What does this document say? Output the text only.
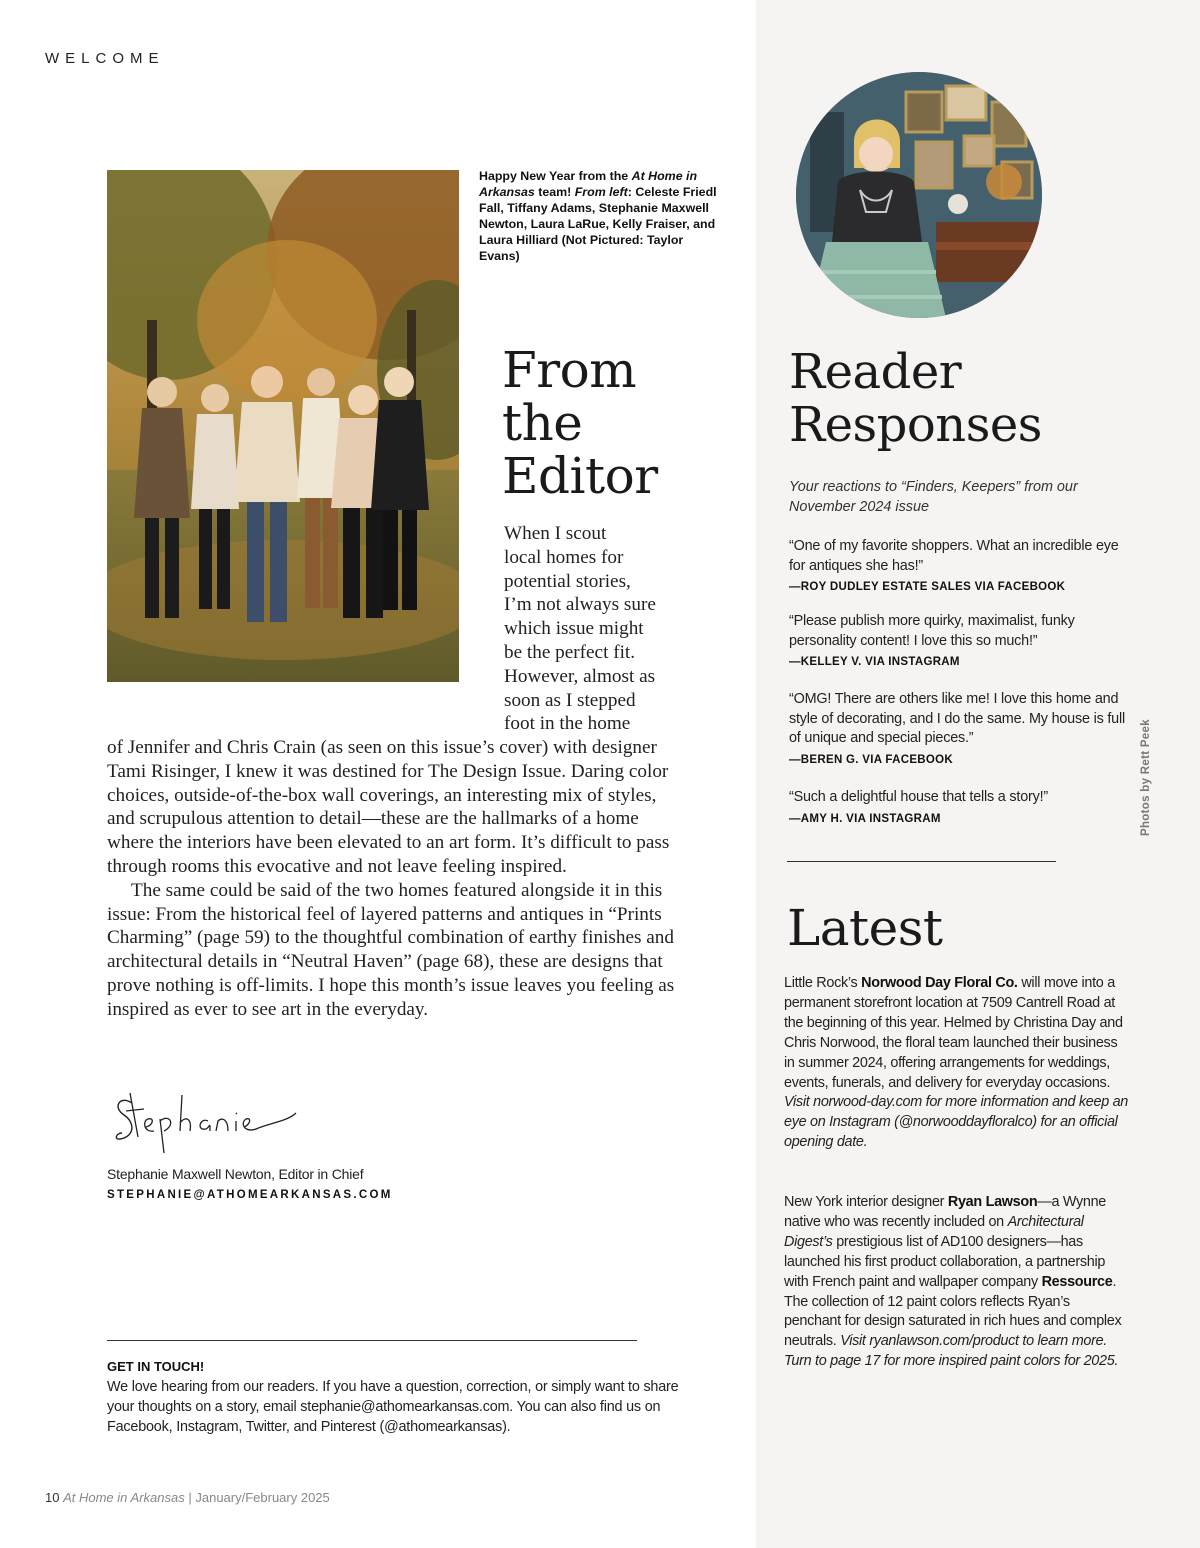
WELCOME
Happy New Year from the At Home in Arkansas team! From left: Celeste Friedl Fall, Tiffany Adams, Stephanie Maxwell Newton, Laura LaRue, Kelly Fraiser, and Laura Hilliard (Not Pictured: Taylor Evans)
From
the
Editor
When I scout
local homes for
potential stories,
I’m not always sure
which issue might
be the perfect fit.
However, almost as
soon as I stepped
foot in the home

of Jennifer and Chris Crain (as seen on this issue’s cover) with designer Tami Risinger, I knew it was destined for The Design Issue. Daring color choices, outside-of-the-box wall coverings, an interesting mix of styles, and scrupulous attention to detail—these are the hallmarks of a home where the interiors have been elevated to an art form. It’s difficult to pass through rooms this evocative and not leave feeling inspired.

The same could be said of the two homes featured alongside it in this issue: From the historical feel of layered patterns and antiques in “Prints Charming” (page 59) to the thoughtful combination of earthy finishes and architectural details in “Neutral Haven” (page 68), these are designs that prove nothing is off-limits. I hope this month’s issue leaves you feeling as inspired as ever to see art in the everyday.

Stephanie Maxwell Newton, Editor in Chief
STEPHANIE@ATHOMEARKANSAS.COM
GET IN TOUCH!
We love hearing from our readers. If you have a question, correction, or simply want to share your thoughts on a story, email stephanie@athomearkansas.com. You can also find us on Facebook, Instagram, Twitter, and Pinterest (@athomearkansas).
10 At Home in Arkansas | January/February 2025
Reader
Responses
Your reactions to “Finders, Keepers” from our November 2024 issue
“One of my favorite shoppers. What an incredible eye for antiques she has!”
—ROY DUDLEY ESTATE SALES VIA FACEBOOK
“Please publish more quirky, maximalist, funky personality content! I love this so much!”
—KELLEY V. VIA INSTAGRAM
“OMG! There are others like me! I love this home and style of decorating, and I do the same. My house is full of unique and special pieces.”
—BEREN G. VIA FACEBOOK
“Such a delightful house that tells a story!”
—AMY H. VIA INSTAGRAM	Photos by Rett Peek
Latest
Little Rock’s Norwood Day Floral Co. will move into a permanent storefront location at 7509 Cantrell Road at the beginning of this year. Helmed by Christina Day and Chris Norwood, the floral team launched their business in summer 2024, offering arrangements for weddings, events, funerals, and delivery for everyday occasions. Visit norwood-day.com for more information and keep an eye on Instagram (@norwooddayfloralco) for an official opening date.
New York interior designer Ryan Lawson—a Wynne native who was recently included on Architectural Digest’s prestigious list of AD100 designers—has launched his first product collaboration, a partnership with French paint and wallpaper company Ressource. The collection of 12 paint colors reflects Ryan’s penchant for design saturated in rich hues and complex neutrals. Visit ryanlawson.com/product to learn more. Turn to page 17 for more inspired paint colors for 2025.
